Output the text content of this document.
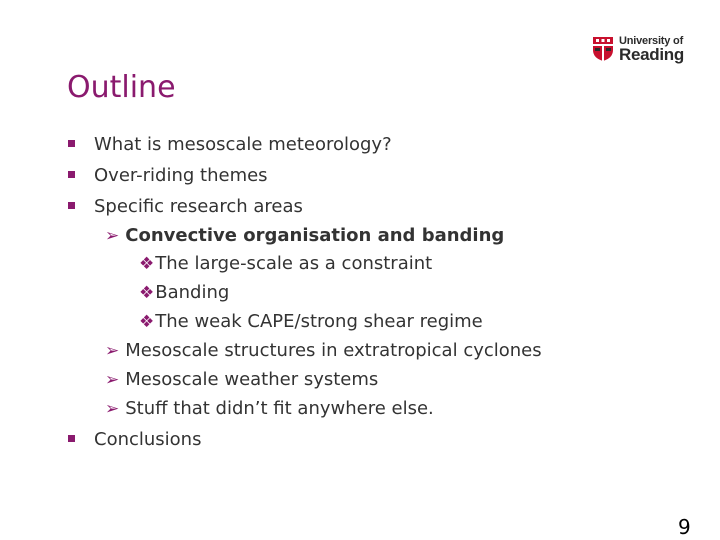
University of
Reading
Outline
What is mesoscale meteorology?
Over-riding themes
Specific research areas
➢ Convective organisation and banding
❖The large-scale as a constraint
❖Banding
❖The weak CAPE/strong shear regime
➢ Mesoscale structures in extratropical cyclones
➢ Mesoscale weather systems
➢ Stuff that didn’t fit anywhere else.
Conclusions
9
